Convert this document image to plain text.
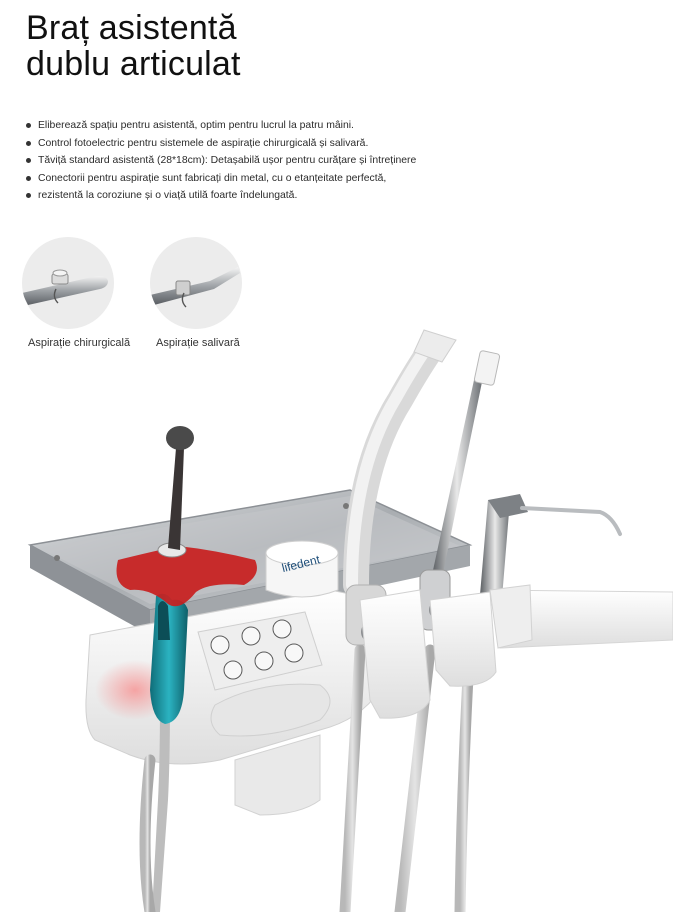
Braț asistentă
dublu articulat
Eliberează spațiu pentru asistentă, optim pentru lucrul la patru mâini.
Control fotoelectric pentru sistemele de aspirație chirurgicală și salivară.
Tăviță standard asistentă (28*18cm): Detașabilă ușor pentru curățare și întreținere
Conectorii pentru aspirație sunt fabricați din metal, cu o etanțeitate perfectă,
rezistentă la coroziune și o viață utilă foarte îndelungată.
Aspirație chirurgicală Aspirație salivară
lifedent
